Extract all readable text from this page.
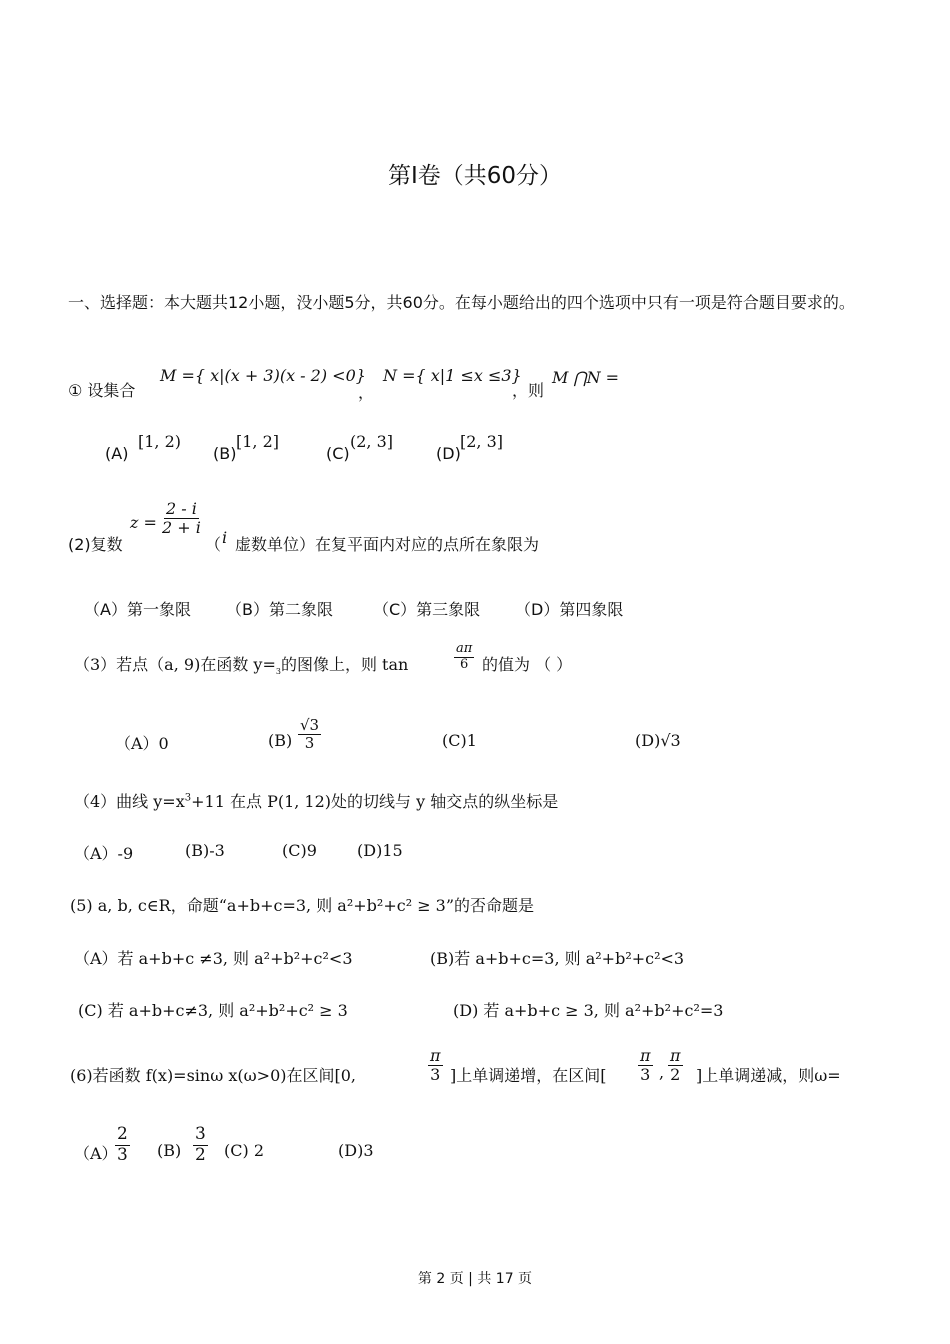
第I卷（共60分）
一、选择题：本大题共12小题，没小题5分，共60分。在每小题给出的四个选项中只有一项是符合题目要求的。
① 设集合
M ={ x|(x + 3)(x - 2) <0}
，
N ={ x|1 ≤x ≤3}
，则
M ⋂N =
(A)
[1, 2)
(B)
[1, 2]
(C)
(2, 3]
(D)
[2, 3]
(2)复数
$z = \frac{2 - i}{2 + i}$
（ i 虚数单位）在复平面内对应的点所在象限为
（A）第一象限 （B）第二象限	（C）第三象限 （D）第四象限
（3）若点（a, 9)在函数 $y=_3$的图像上，则 tan	$\frac{a\pi}{6}$ 的值为 （ ）
（A）0	$(B) \frac{√3}{3}$	(C)1	(D)√3
（4）曲线 $y=x^3+11$ 在点 P(1, 12)处的切线与 y 轴交点的纵坐标是
（A）-9	(B)-3	(C)9	(D)15
(5) a, b, c∈R，命题“a+b+c=3, 则 a²+b²+c² ≥ 3”的否命题是
（A）若 a+b+c ≠3, 则 a²+b²+c²<3	(B)若 a+b+c=3, 则 a²+b²+c²<3
(C) 若 a+b+c≠3, 则 a²+b²+c² ≥ 3	(D) 若 a+b+c ≥ 3, 则 a²+b²+c²=3
(6)若函数 f(x)=sinω x(ω>0)在区间[0,	$\frac{\pi}{3}$ ]上单调递增，在区间[ $\frac{\pi}{3}$ , $\frac{\pi}{2}$ ]上单调递减，则ω=
（A）
$\frac{2}{3} (B) \frac{3}{2} (C)$ 2	(D)3
第 2 页 | 共 17 页
